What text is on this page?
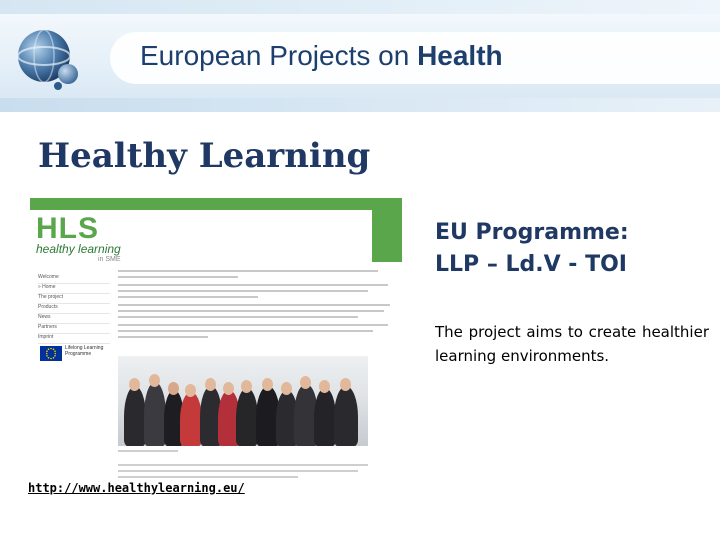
European Projects on Health
Healthy Learning
HLS
healthy learning
in SME
Welcome
» Home
The project
Products
News
Partners
Imprint
Lifelong Learning Programme
http://www.healthylearning.eu/
EU Programme:
LLP – Ld.V - TOI
The project aims to create healthier learning environments.
